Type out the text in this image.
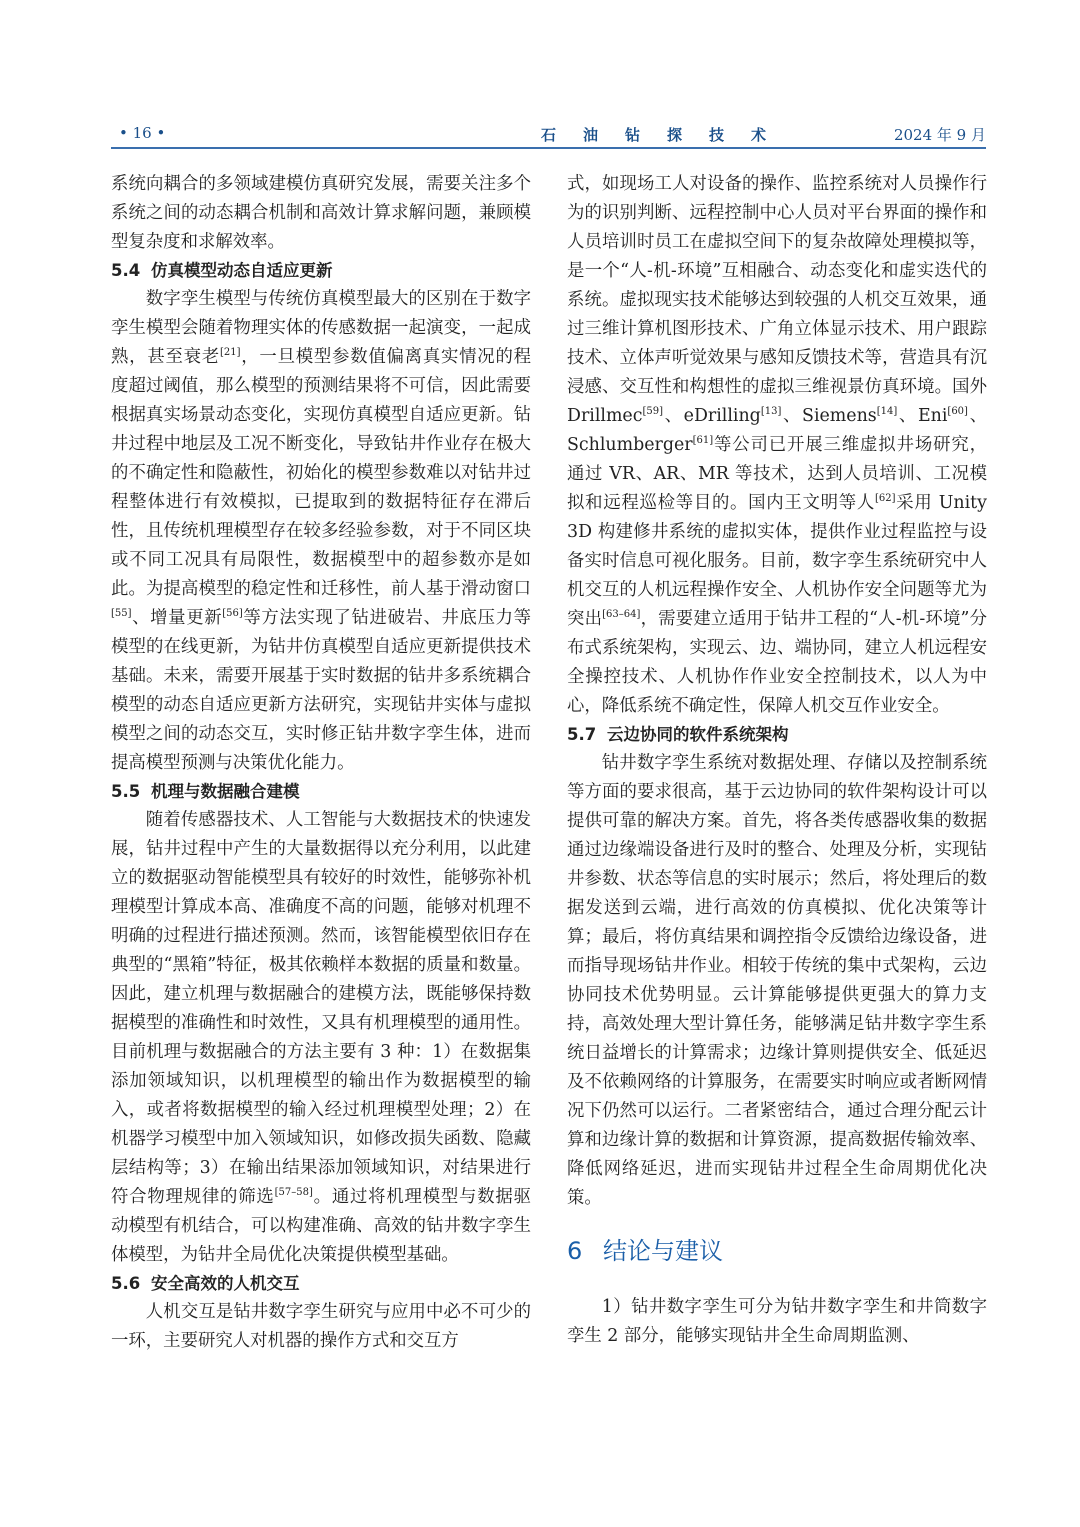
• 16 •	石油钻探技术	2024 年 9 月

系统向耦合的多领域建模仿真研究发展，需要关注多个系统之间的动态耦合机制和高效计算求解问题，兼顾模型复杂度和求解效率。

5.4 仿真模型动态自适应更新

数字孪生模型与传统仿真模型最大的区别在于数字孪生模型会随着物理实体的传感数据一起演变，一起成熟，甚至衰老[21]，一旦模型参数值偏离真实情况的程度超过阈值，那么模型的预测结果将不可信，因此需要根据真实场景动态变化，实现仿真模型自适应更新。钻井过程中地层及工况不断变化，导致钻井作业存在极大的不确定性和隐蔽性，初始化的模型参数难以对钻井过程整体进行有效模拟，已提取到的数据特征存在滞后性，且传统机理模型存在较多经验参数，对于不同区块或不同工况具有局限性，数据模型中的超参数亦是如此。为提高模型的稳定性和迁移性，前人基于滑动窗口[55]、增量更新[56]等方法实现了钻进破岩、井底压力等模型的在线更新，为钻井仿真模型自适应更新提供技术基础。未来，需要开展基于实时数据的钻井多系统耦合模型的动态自适应更新方法研究，实现钻井实体与虚拟模型之间的动态交互，实时修正钻井数字孪生体，进而提高模型预测与决策优化能力。

5.5 机理与数据融合建模

随着传感器技术、人工智能与大数据技术的快速发展，钻井过程中产生的大量数据得以充分利用，以此建立的数据驱动智能模型具有较好的时效性，能够弥补机理模型计算成本高、准确度不高的问题，能够对机理不明确的过程进行描述预测。然而，该智能模型依旧存在典型的“黑箱”特征，极其依赖样本数据的质量和数量。因此，建立机理与数据融合的建模方法，既能够保持数据模型的准确性和时效性，又具有机理模型的通用性。目前机理与数据融合的方法主要有 3 种：1）在数据集添加领域知识，以机理模型的输出作为数据模型的输入，或者将数据模型的输入经过机理模型处理；2）在机器学习模型中加入领域知识，如修改损失函数、隐藏层结构等；3）在输出结果添加领域知识，对结果进行符合物理规律的筛选[57–58]。通过将机理模型与数据驱动模型有机结合，可以构建准确、高效的钻井数字孪生体模型，为钻井全局优化决策提供模型基础。

5.6 安全高效的人机交互

人机交互是钻井数字孪生研究与应用中必不可少的一环，主要研究人对机器的操作方式和交互方

式，如现场工人对设备的操作、监控系统对人员操作行为的识别判断、远程控制中心人员对平台界面的操作和人员培训时员工在虚拟空间下的复杂故障处理模拟等，是一个“人-机-环境”互相融合、动态变化和虚实迭代的系统。虚拟现实技术能够达到较强的人机交互效果，通过三维计算机图形技术、广角立体显示技术、用户跟踪技术、立体声听觉效果与感知反馈技术等，营造具有沉浸感、交互性和构想性的虚拟三维视景仿真环境。国外 Drillmec[59]、eDrilling[13]、Siemens[14]、Eni[60]、Schlumberger[61]等公司已开展三维虚拟井场研究，通过 VR、AR、MR 等技术，达到人员培训、工况模拟和远程巡检等目的。国内王文明等人[62]采用 Unity 3D 构建修井系统的虚拟实体，提供作业过程监控与设备实时信息可视化服务。目前，数字孪生系统研究中人机交互的人机远程操作安全、人机协作安全问题等尤为突出[63–64]，需要建立适用于钻井工程的“人-机-环境”分布式系统架构，实现云、边、端协同，建立人机远程安全操控技术、人机协作作业安全控制技术，以人为中心，降低系统不确定性，保障人机交互作业安全。

5.7 云边协同的软件系统架构

钻井数字孪生系统对数据处理、存储以及控制系统等方面的要求很高，基于云边协同的软件架构设计可以提供可靠的解决方案。首先，将各类传感器收集的数据通过边缘端设备进行及时的整合、处理及分析，实现钻井参数、状态等信息的实时展示；然后，将处理后的数据发送到云端，进行高效的仿真模拟、优化决策等计算；最后，将仿真结果和调控指令反馈给边缘设备，进而指导现场钻井作业。相较于传统的集中式架构，云边协同技术优势明显。云计算能够提供更强大的算力支持，高效处理大型计算任务，能够满足钻井数字孪生系统日益增长的计算需求；边缘计算则提供安全、低延迟及不依赖网络的计算服务，在需要实时响应或者断网情况下仍然可以运行。二者紧密结合，通过合理分配云计算和边缘计算的数据和计算资源，提高数据传输效率、降低网络延迟，进而实现钻井过程全生命周期优化决策。

6 结论与建议

1）钻井数字孪生可分为钻井数字孪生和井筒数字孪生 2 部分，能够实现钻井全生命周期监测、
